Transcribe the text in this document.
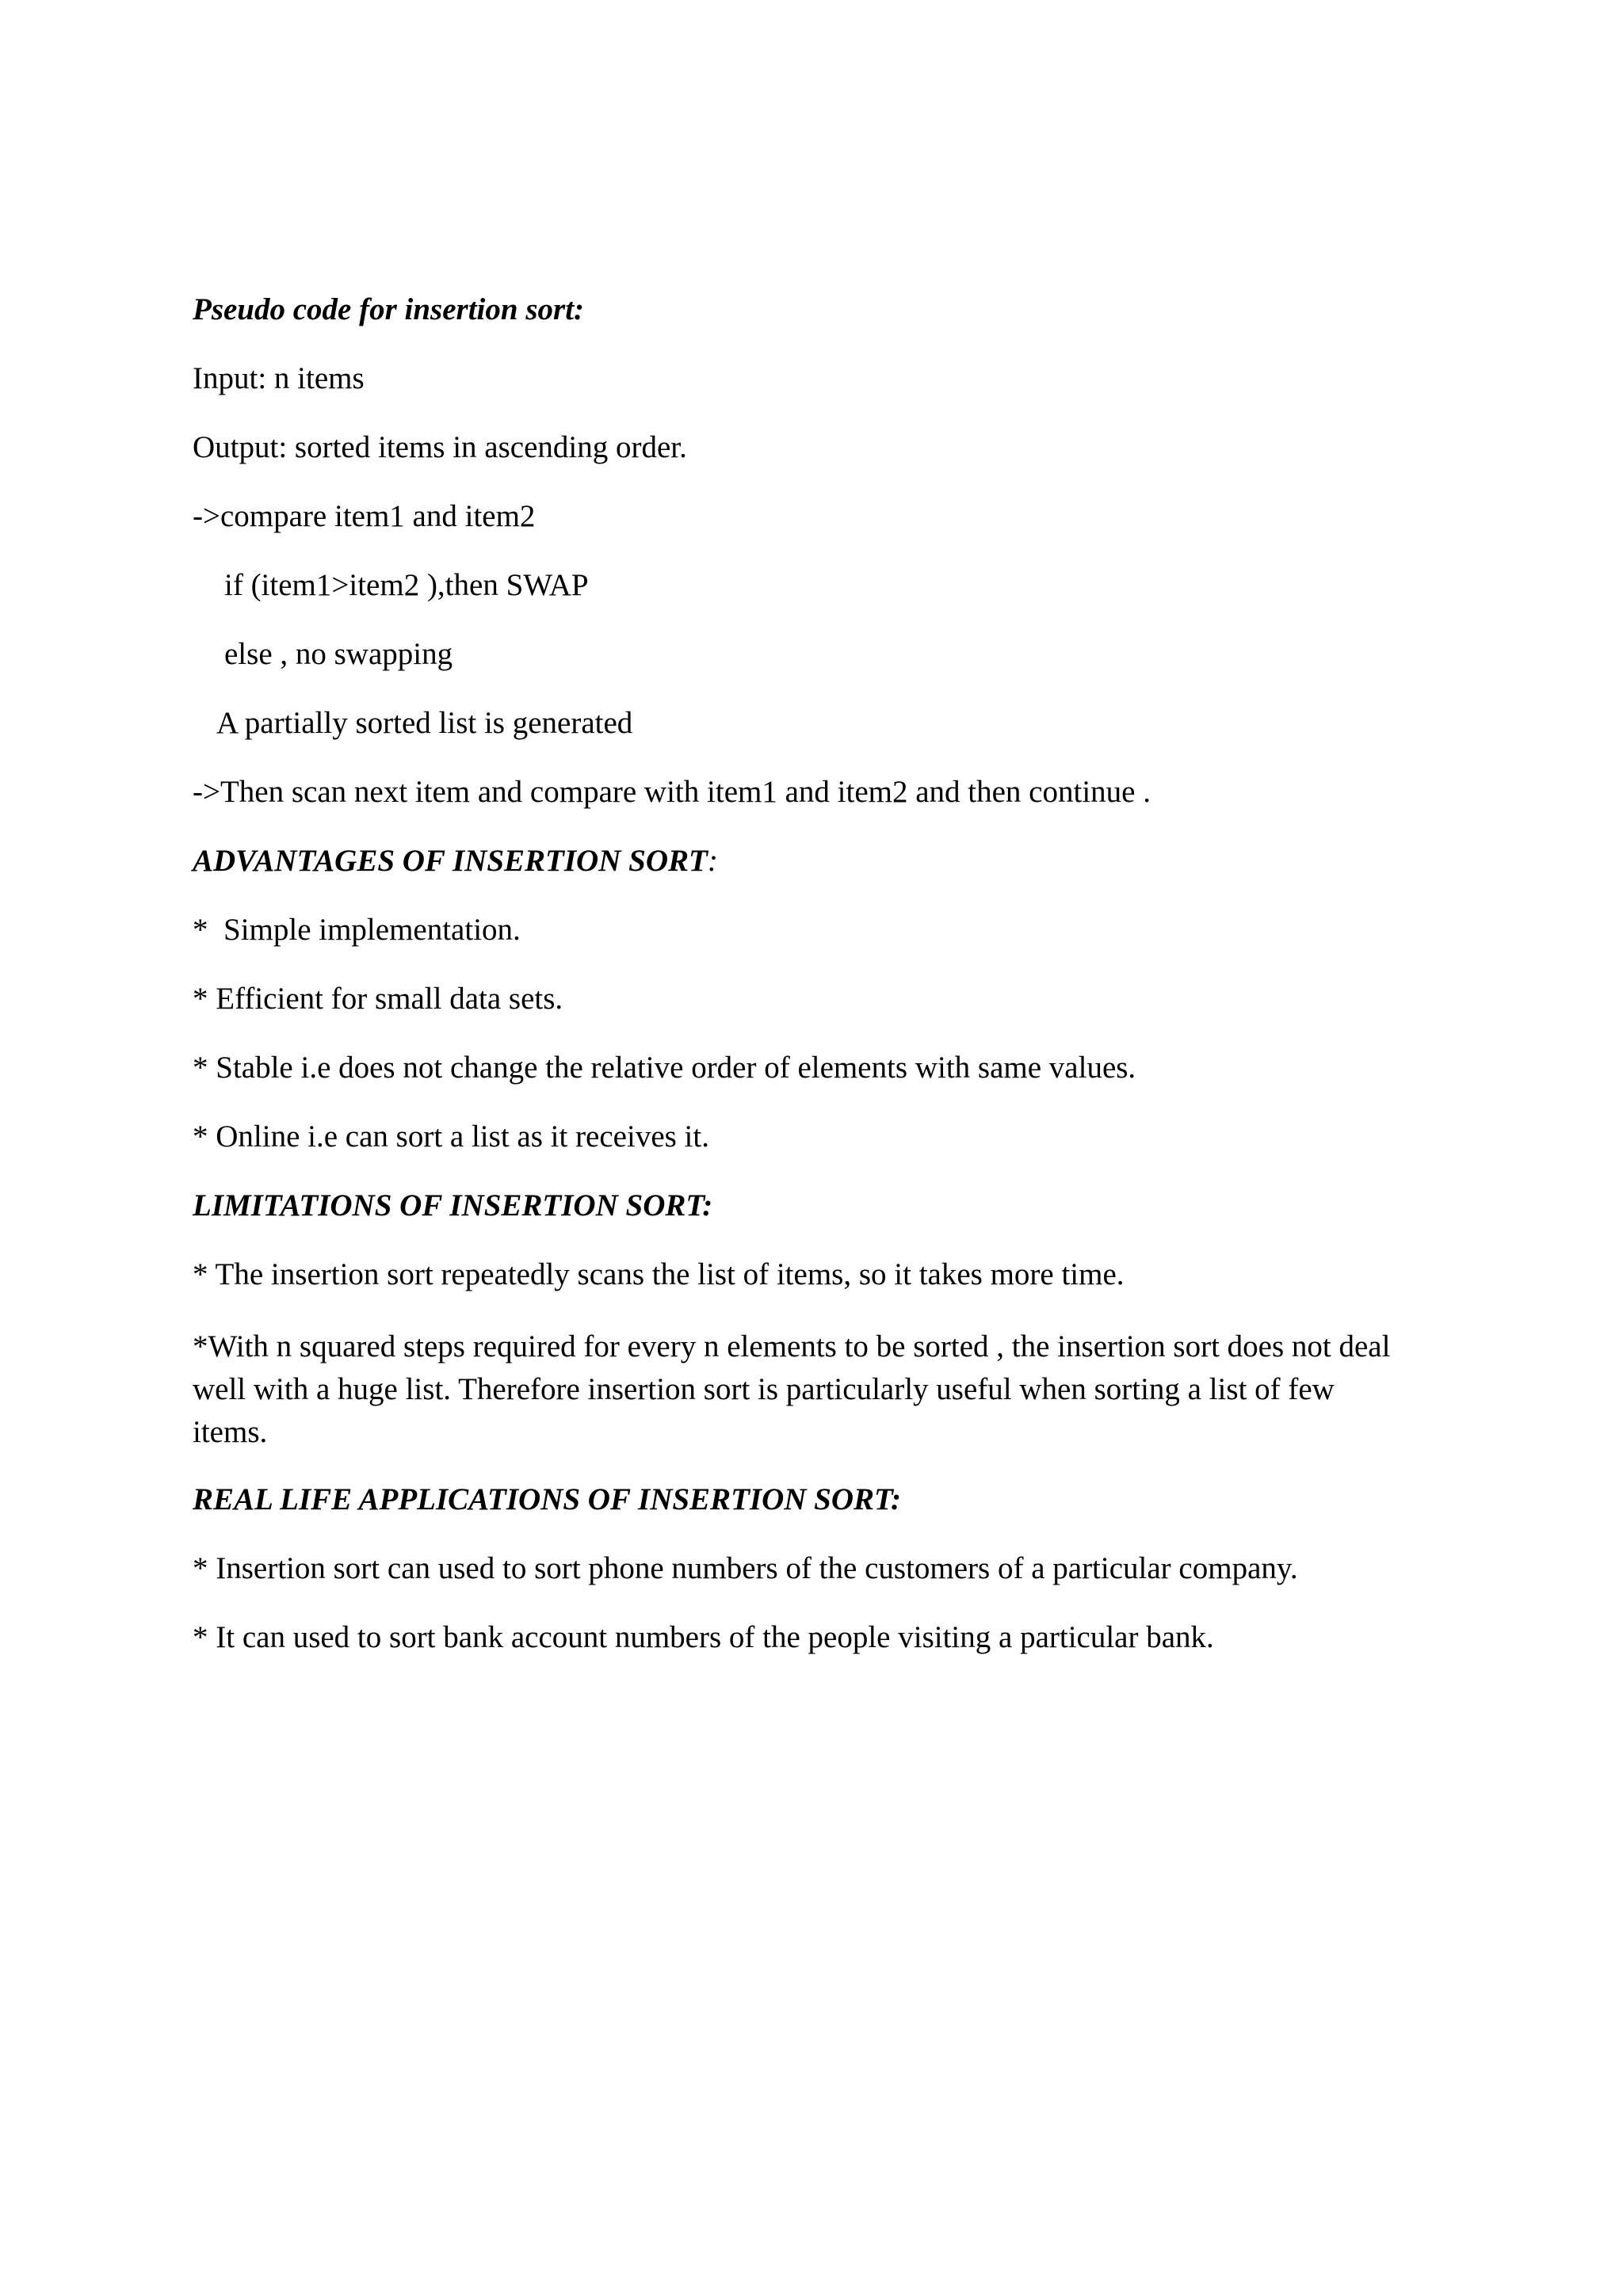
Pseudo code for insertion sort:

Input: n items

Output: sorted items in ascending order.

->compare item1 and item2

if (item1>item2 ),then SWAP

else , no swapping

A partially sorted list is generated

->Then scan next item and compare with item1 and item2 and then continue .

ADVANTAGES OF INSERTION SORT:

*  Simple implementation.

* Efficient for small data sets.

* Stable i.e does not change the relative order of elements with same values.

* Online i.e can sort a list as it receives it.

LIMITATIONS OF INSERTION SORT:

* The insertion sort repeatedly scans the list of items, so it takes more time.

*With n squared steps required for every n elements to be sorted , the insertion sort does not deal well with a huge list. Therefore insertion sort is particularly useful when sorting a list of few items.

REAL LIFE APPLICATIONS OF INSERTION SORT:

* Insertion sort can used to sort phone numbers of the customers of a particular company.

* It can used to sort bank account numbers of the people visiting a particular bank.
